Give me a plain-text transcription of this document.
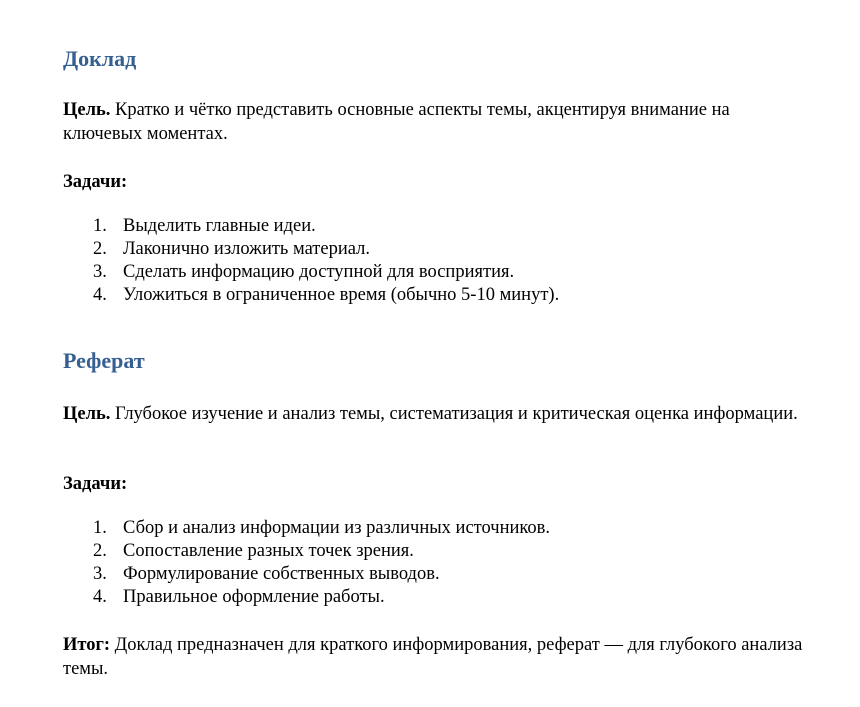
Доклад

Цель. Кратко и чётко представить основные аспекты темы, акцентируя внимание на ключевых моментах.

Задачи:

1. Выделить главные идеи.
2. Лаконично изложить материал.
3. Сделать информацию доступной для восприятия.
4. Уложиться в ограниченное время (обычно 5-10 минут).
Реферат

Цель. Глубокое изучение и анализ темы, систематизация и критическая оценка информации.

Задачи:

1. Сбор и анализ информации из различных источников.
2. Сопоставление разных точек зрения.
3. Формулирование собственных выводов.
4. Правильное оформление работы.

Итог: Доклад предназначен для краткого информирования, реферат — для глубокого анализа темы.
